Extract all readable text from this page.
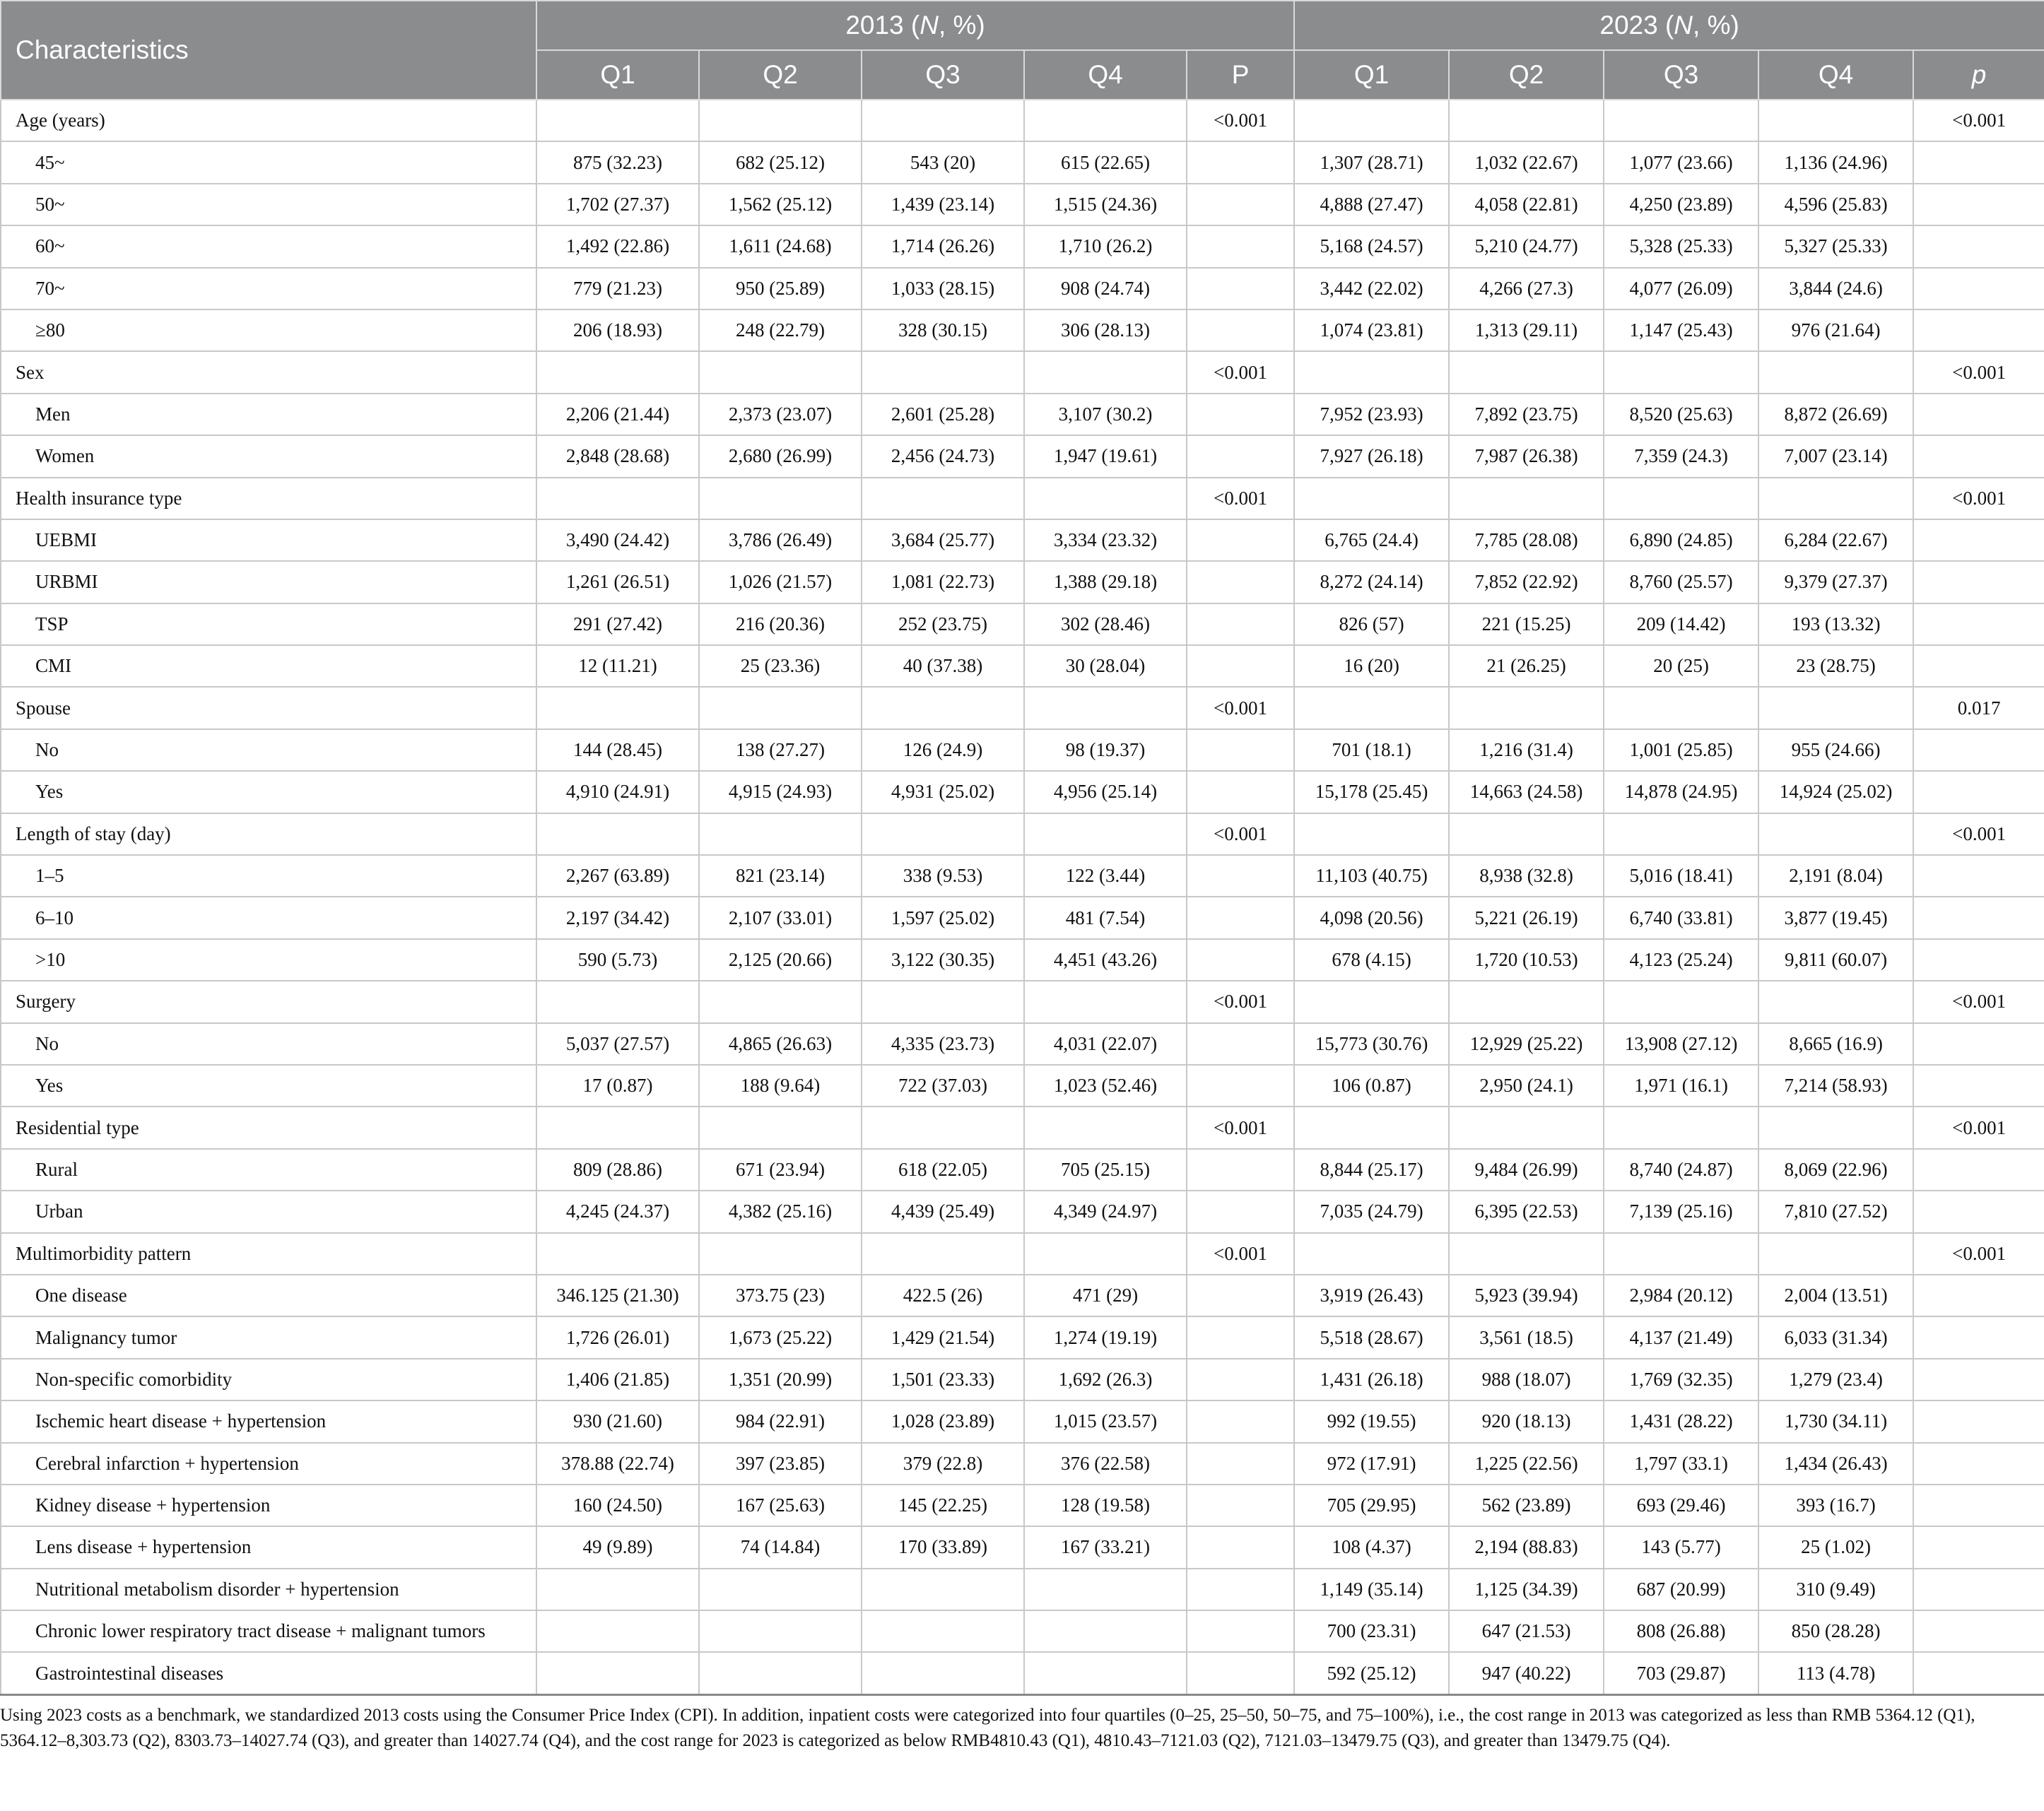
Characteristics	2013 (N, %)					2023 (N, %)				
	Q1	Q2	Q3	Q4	P	Q1	Q2	Q3	Q4	p
Age (years)					<0.001					<0.001
45~	875 (32.23)	682 (25.12)	543 (20)	615 (22.65)		1,307 (28.71)	1,032 (22.67)	1,077 (23.66)	1,136 (24.96)	
50~	1,702 (27.37)	1,562 (25.12)	1,439 (23.14)	1,515 (24.36)		4,888 (27.47)	4,058 (22.81)	4,250 (23.89)	4,596 (25.83)	
60~	1,492 (22.86)	1,611 (24.68)	1,714 (26.26)	1,710 (26.2)		5,168 (24.57)	5,210 (24.77)	5,328 (25.33)	5,327 (25.33)	
70~	779 (21.23)	950 (25.89)	1,033 (28.15)	908 (24.74)		3,442 (22.02)	4,266 (27.3)	4,077 (26.09)	3,844 (24.6)	
≥80	206 (18.93)	248 (22.79)	328 (30.15)	306 (28.13)		1,074 (23.81)	1,313 (29.11)	1,147 (25.43)	976 (21.64)	
Sex					<0.001					<0.001
Men	2,206 (21.44)	2,373 (23.07)	2,601 (25.28)	3,107 (30.2)		7,952 (23.93)	7,892 (23.75)	8,520 (25.63)	8,872 (26.69)	
Women	2,848 (28.68)	2,680 (26.99)	2,456 (24.73)	1,947 (19.61)		7,927 (26.18)	7,987 (26.38)	7,359 (24.3)	7,007 (23.14)	
Health insurance type					<0.001					<0.001
UEBMI	3,490 (24.42)	3,786 (26.49)	3,684 (25.77)	3,334 (23.32)		6,765 (24.4)	7,785 (28.08)	6,890 (24.85)	6,284 (22.67)	
URBMI	1,261 (26.51)	1,026 (21.57)	1,081 (22.73)	1,388 (29.18)		8,272 (24.14)	7,852 (22.92)	8,760 (25.57)	9,379 (27.37)	
TSP	291 (27.42)	216 (20.36)	252 (23.75)	302 (28.46)		826 (57)	221 (15.25)	209 (14.42)	193 (13.32)	
CMI	12 (11.21)	25 (23.36)	40 (37.38)	30 (28.04)		16 (20)	21 (26.25)	20 (25)	23 (28.75)	
Spouse					<0.001					0.017
No	144 (28.45)	138 (27.27)	126 (24.9)	98 (19.37)		701 (18.1)	1,216 (31.4)	1,001 (25.85)	955 (24.66)	
Yes	4,910 (24.91)	4,915 (24.93)	4,931 (25.02)	4,956 (25.14)		15,178 (25.45)	14,663 (24.58)	14,878 (24.95)	14,924 (25.02)	
Length of stay (day)					<0.001					<0.001
1–5	2,267 (63.89)	821 (23.14)	338 (9.53)	122 (3.44)		11,103 (40.75)	8,938 (32.8)	5,016 (18.41)	2,191 (8.04)	
6–10	2,197 (34.42)	2,107 (33.01)	1,597 (25.02)	481 (7.54)		4,098 (20.56)	5,221 (26.19)	6,740 (33.81)	3,877 (19.45)	
>10	590 (5.73)	2,125 (20.66)	3,122 (30.35)	4,451 (43.26)		678 (4.15)	1,720 (10.53)	4,123 (25.24)	9,811 (60.07)	
Surgery					<0.001					<0.001
No	5,037 (27.57)	4,865 (26.63)	4,335 (23.73)	4,031 (22.07)		15,773 (30.76)	12,929 (25.22)	13,908 (27.12)	8,665 (16.9)	
Yes	17 (0.87)	188 (9.64)	722 (37.03)	1,023 (52.46)		106 (0.87)	2,950 (24.1)	1,971 (16.1)	7,214 (58.93)	
Residential type					<0.001					<0.001
Rural	809 (28.86)	671 (23.94)	618 (22.05)	705 (25.15)		8,844 (25.17)	9,484 (26.99)	8,740 (24.87)	8,069 (22.96)	
Urban	4,245 (24.37)	4,382 (25.16)	4,439 (25.49)	4,349 (24.97)		7,035 (24.79)	6,395 (22.53)	7,139 (25.16)	7,810 (27.52)	
Multimorbidity pattern					<0.001					<0.001
One disease	346.125 (21.30)	373.75 (23)	422.5 (26)	471 (29)		3,919 (26.43)	5,923 (39.94)	2,984 (20.12)	2,004 (13.51)	
Malignancy tumor	1,726 (26.01)	1,673 (25.22)	1,429 (21.54)	1,274 (19.19)		5,518 (28.67)	3,561 (18.5)	4,137 (21.49)	6,033 (31.34)	
Non-specific comorbidity	1,406 (21.85)	1,351 (20.99)	1,501 (23.33)	1,692 (26.3)		1,431 (26.18)	988 (18.07)	1,769 (32.35)	1,279 (23.4)	
Ischemic heart disease + hypertension	930 (21.60)	984 (22.91)	1,028 (23.89)	1,015 (23.57)		992 (19.55)	920 (18.13)	1,431 (28.22)	1,730 (34.11)	
Cerebral infarction + hypertension	378.88 (22.74)	397 (23.85)	379 (22.8)	376 (22.58)		972 (17.91)	1,225 (22.56)	1,797 (33.1)	1,434 (26.43)	
Kidney disease + hypertension	160 (24.50)	167 (25.63)	145 (22.25)	128 (19.58)		705 (29.95)	562 (23.89)	693 (29.46)	393 (16.7)	
Lens disease + hypertension	49 (9.89)	74 (14.84)	170 (33.89)	167 (33.21)		108 (4.37)	2,194 (88.83)	143 (5.77)	25 (1.02)	
Nutritional metabolism disorder + hypertension						1,149 (35.14)	1,125 (34.39)	687 (20.99)	310 (9.49)	
Chronic lower respiratory tract disease + malignant tumors						700 (23.31)	647 (21.53)	808 (26.88)	850 (28.28)	
Gastrointestinal diseases						592 (25.12)	947 (40.22)	703 (29.87)	113 (4.78)	
Using 2023 costs as a benchmark, we standardized 2013 costs using the Consumer Price Index (CPI). In addition, inpatient costs were categorized into four quartiles (0–25, 25–50, 50–75, and 75–100%), i.e., the cost range in 2013 was categorized as less than RMB 5364.12 (Q1), 5364.12–8,303.73 (Q2), 8303.73–14027.74 (Q3), and greater than 14027.74 (Q4), and the cost range for 2023 is categorized as below RMB4810.43 (Q1), 4810.43–7121.03 (Q2), 7121.03–13479.75 (Q3), and greater than 13479.75 (Q4).
